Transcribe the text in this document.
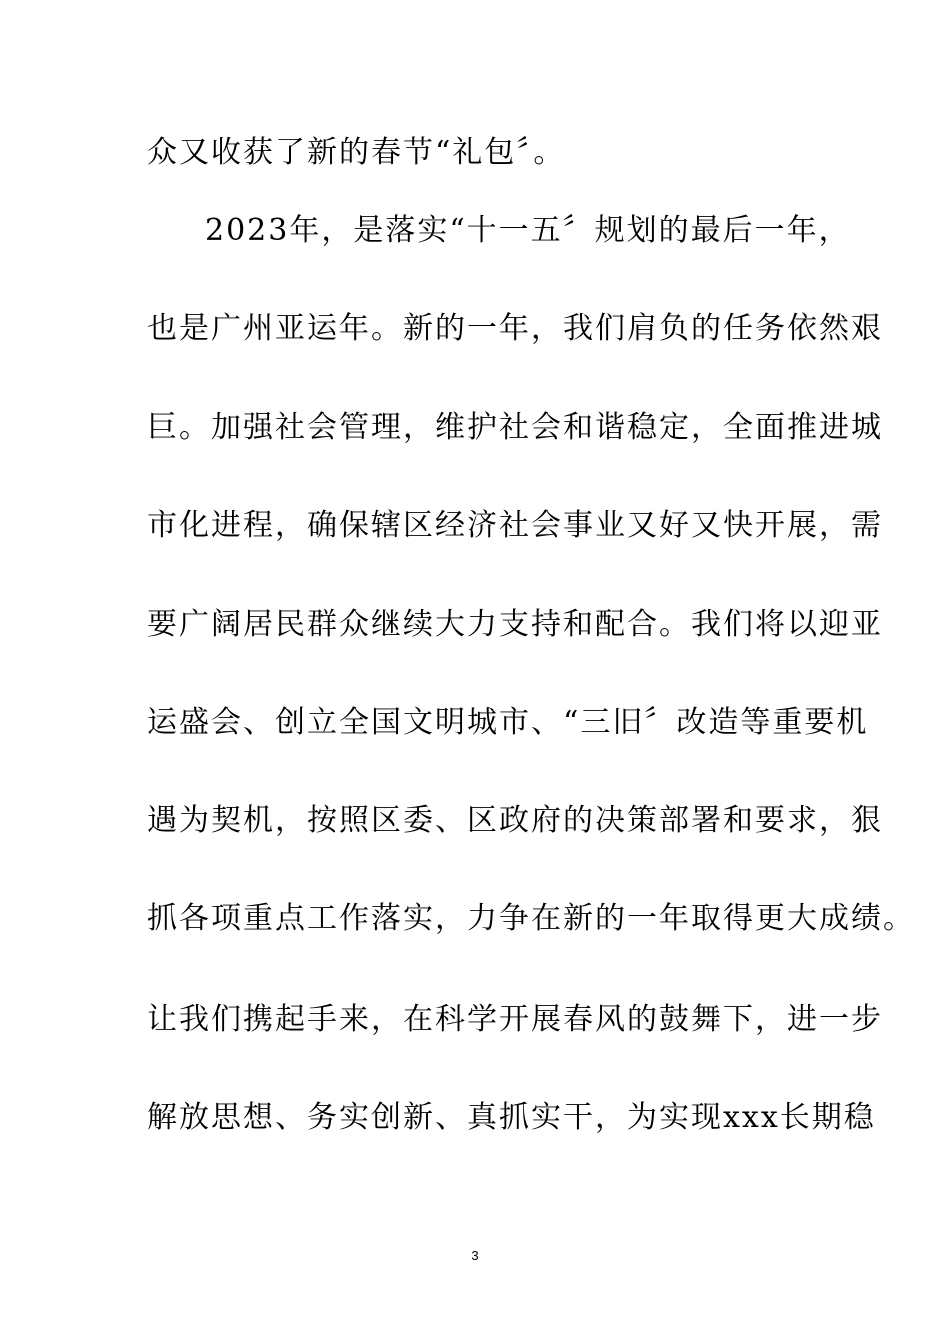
众又收获了新的春节“礼包〞。
2023年，是落实“十一五〞规划的最后一年，
也是广州亚运年。新的一年，我们肩负的任务依然艰
巨。加强社会管理，维护社会和谐稳定，全面推进城
市化进程，确保辖区经济社会事业又好又快开展，需
要广阔居民群众继续大力支持和配合。我们将以迎亚
运盛会、创立全国文明城市、“三旧〞改造等重要机
遇为契机，按照区委、区政府的决策部署和要求，狠
抓各项重点工作落实，力争在新的一年取得更大成绩。
让我们携起手来，在科学开展春风的鼓舞下，进一步
解放思想、务实创新、真抓实干，为实现xxx长期稳
3
